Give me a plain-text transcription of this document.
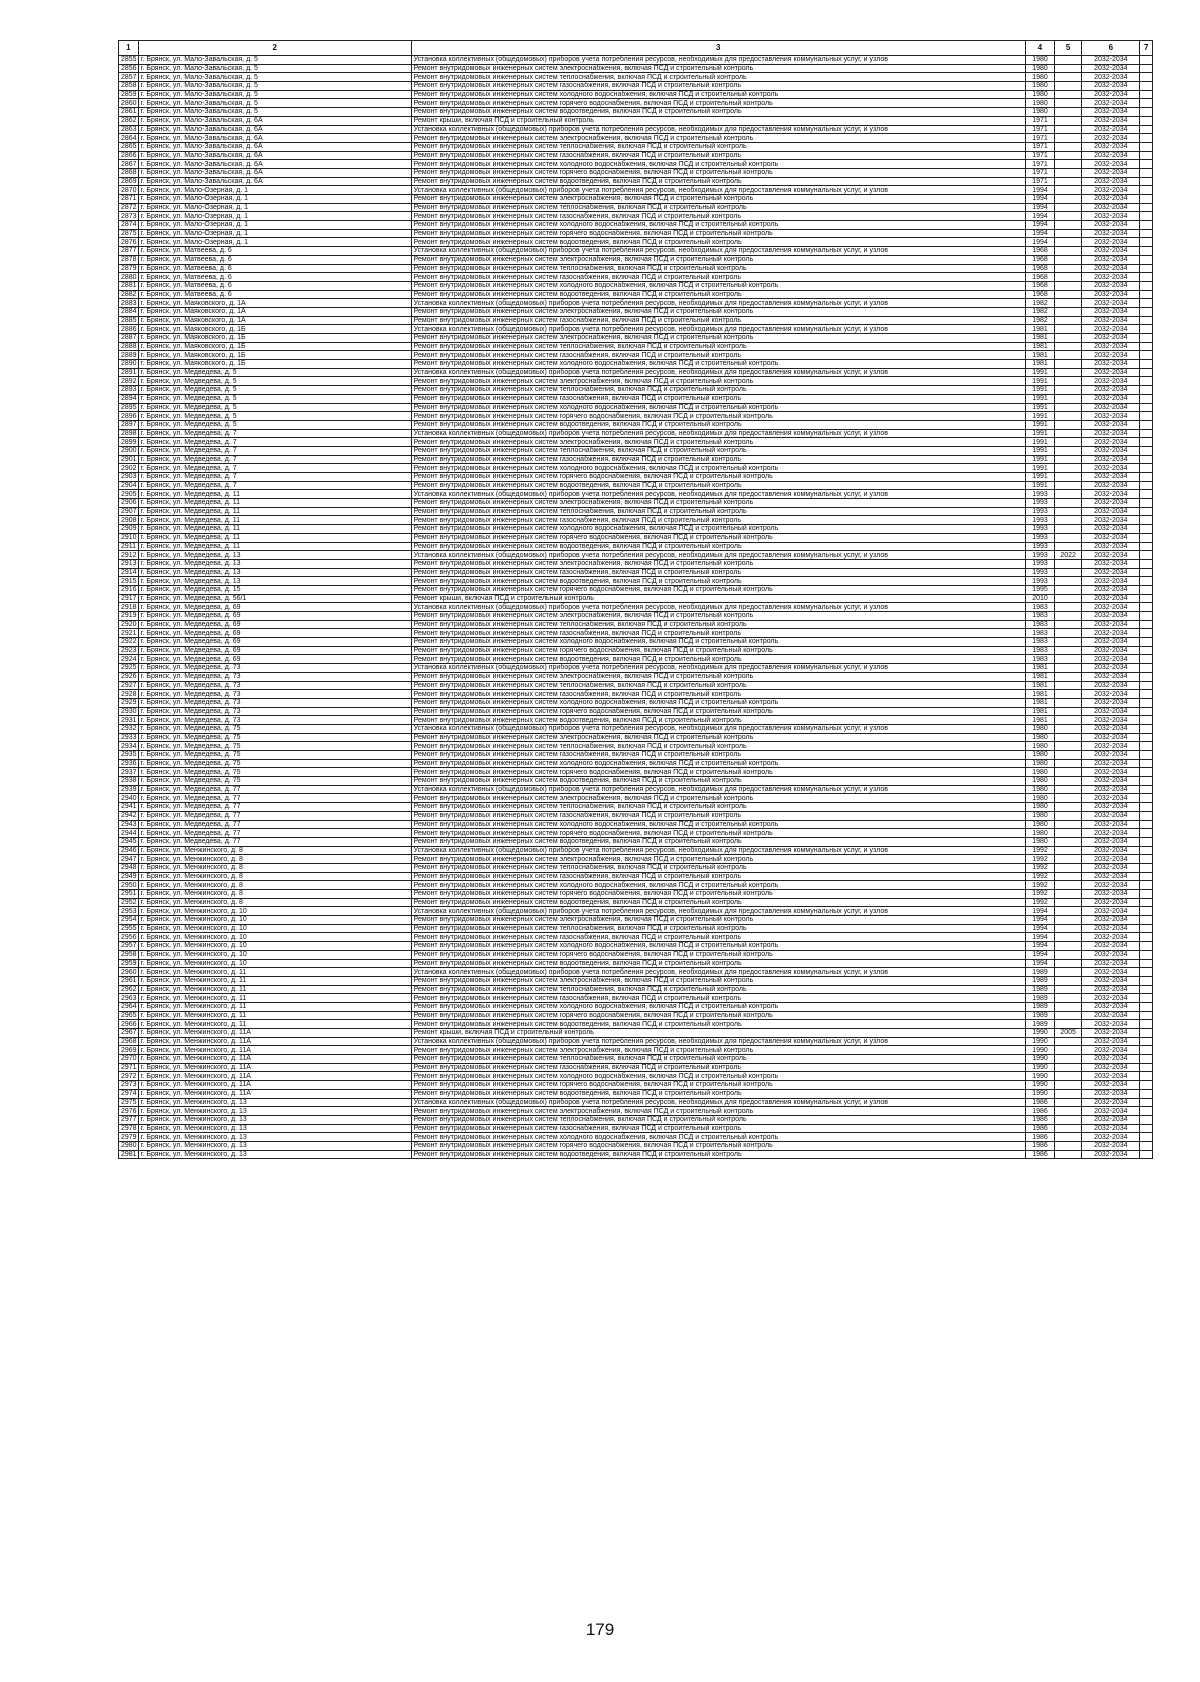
1	2	3	4	5	6	7
2855	г. Брянск, ул. Мало-Завальская, д. 5	Установка коллективных (общедомовых) приборов учета потребления ресурсов, необходимых для предоставления коммунальных услуг, и узлов	1980		2032-2034	
2856	г. Брянск, ул. Мало-Завальская, д. 5	Ремонт внутридомовых инженерных систем электроснабжения, включая ПСД и строительный контроль	1980		2032-2034	
2857	г. Брянск, ул. Мало-Завальская, д. 5	Ремонт внутридомовых инженерных систем теплоснабжения, включая ПСД и строительный контроль	1980		2032-2034	
2858	г. Брянск, ул. Мало-Завальская, д. 5	Ремонт внутридомовых инженерных систем газоснабжения, включая ПСД и строительный контроль	1980		2032-2034	
2859	г. Брянск, ул. Мало-Завальская, д. 5	Ремонт внутридомовых инженерных систем холодного водоснабжения, включая ПСД и строительный контроль	1980		2032-2034	
2860	г. Брянск, ул. Мало-Завальская, д. 5	Ремонт внутридомовых инженерных систем горячего водоснабжения, включая ПСД и строительный контроль	1980		2032-2034	
2861	г. Брянск, ул. Мало-Завальская, д. 5	Ремонт внутридомовых инженерных систем водоотведения, включая ПСД и строительный контроль	1980		2032-2034	
2862	г. Брянск, ул. Мало-Завальская, д. 6А	Ремонт крыши, включая ПСД и строительный контроль	1971		2032-2034	
2863	г. Брянск, ул. Мало-Завальская, д. 6А	Установка коллективных (общедомовых) приборов учета потребления ресурсов, необходимых для предоставления коммунальных услуг, и узлов	1971		2032-2034	
2864	г. Брянск, ул. Мало-Завальская, д. 6А	Ремонт внутридомовых инженерных систем электроснабжения, включая ПСД и строительный контроль	1971		2032-2034	
2865	г. Брянск, ул. Мало-Завальская, д. 6А	Ремонт внутридомовых инженерных систем теплоснабжения, включая ПСД и строительный контроль	1971		2032-2034	
2866	г. Брянск, ул. Мало-Завальская, д. 6А	Ремонт внутридомовых инженерных систем газоснабжения, включая ПСД и строительный контроль	1971		2032-2034	
2867	г. Брянск, ул. Мало-Завальская, д. 6А	Ремонт внутридомовых инженерных систем холодного водоснабжения, включая ПСД и строительный контроль	1971		2032-2034	
2868	г. Брянск, ул. Мало-Завальская, д. 6А	Ремонт внутридомовых инженерных систем горячего водоснабжения, включая ПСД и строительный контроль	1971		2032-2034	
2869	г. Брянск, ул. Мало-Завальская, д. 6А	Ремонт внутридомовых инженерных систем водоотведения, включая ПСД и строительный контроль	1971		2032-2034	
2870	г. Брянск, ул. Мало-Озерная, д. 1	Установка коллективных (общедомовых) приборов учета потребления ресурсов, необходимых для предоставления коммунальных услуг, и узлов	1994		2032-2034	
2871	г. Брянск, ул. Мало-Озерная, д. 1	Ремонт внутридомовых инженерных систем электроснабжения, включая ПСД и строительный контроль	1994		2032-2034	
2872	г. Брянск, ул. Мало-Озерная, д. 1	Ремонт внутридомовых инженерных систем теплоснабжения, включая ПСД и строительный контроль	1994		2032-2034	
2873	г. Брянск, ул. Мало-Озерная, д. 1	Ремонт внутридомовых инженерных систем газоснабжения, включая ПСД и строительный контроль	1994		2032-2034	
2874	г. Брянск, ул. Мало-Озерная, д. 1	Ремонт внутридомовых инженерных систем холодного водоснабжения, включая ПСД и строительный контроль	1994		2032-2034	
2875	г. Брянск, ул. Мало-Озерная, д. 1	Ремонт внутридомовых инженерных систем горячего водоснабжения, включая ПСД и строительный контроль	1994		2032-2034	
2876	г. Брянск, ул. Мало-Озерная, д. 1	Ремонт внутридомовых инженерных систем водоотведения, включая ПСД и строительный контроль	1994		2032-2034	
2877	г. Брянск, ул. Матвеева, д. 6	Установка коллективных (общедомовых) приборов учета потребления ресурсов, необходимых для предоставления коммунальных услуг, и узлов	1968		2032-2034	
2878	г. Брянск, ул. Матвеева, д. 6	Ремонт внутридомовых инженерных систем электроснабжения, включая ПСД и строительный контроль	1968		2032-2034	
2879	г. Брянск, ул. Матвеева, д. 6	Ремонт внутридомовых инженерных систем теплоснабжения, включая ПСД и строительный контроль	1968		2032-2034	
2880	г. Брянск, ул. Матвеева, д. 6	Ремонт внутридомовых инженерных систем газоснабжения, включая ПСД и строительный контроль	1968		2032-2034	
2881	г. Брянск, ул. Матвеева, д. 6	Ремонт внутридомовых инженерных систем холодного водоснабжения, включая ПСД и строительный контроль	1968		2032-2034	
2882	г. Брянск, ул. Матвеева, д. 6	Ремонт внутридомовых инженерных систем водоотведения, включая ПСД и строительный контроль	1968		2032-2034	
2883	г. Брянск, ул. Маяковского, д. 1А	Установка коллективных (общедомовых) приборов учета потребления ресурсов, необходимых для предоставления коммунальных услуг, и узлов	1982		2032-2034	
2884	г. Брянск, ул. Маяковского, д. 1А	Ремонт внутридомовых инженерных систем электроснабжения, включая ПСД и строительный контроль	1982		2032-2034	
2885	г. Брянск, ул. Маяковского, д. 1А	Ремонт внутридомовых инженерных систем газоснабжения, включая ПСД и строительный контроль	1982		2032-2034	
2886	г. Брянск, ул. Маяковского, д. 1Б	Установка коллективных (общедомовых) приборов учета потребления ресурсов, необходимых для предоставления коммунальных услуг, и узлов	1981		2032-2034	
2887	г. Брянск, ул. Маяковского, д. 1Б	Ремонт внутридомовых инженерных систем электроснабжения, включая ПСД и строительный контроль	1981		2032-2034	
2888	г. Брянск, ул. Маяковского, д. 1Б	Ремонт внутридомовых инженерных систем теплоснабжения, включая ПСД и строительный контроль	1981		2032-2034	
2889	г. Брянск, ул. Маяковского, д. 1Б	Ремонт внутридомовых инженерных систем газоснабжения, включая ПСД и строительный контроль	1981		2032-2034	
2890	г. Брянск, ул. Маяковского, д. 1Б	Ремонт внутридомовых инженерных систем холодного водоснабжения, включая ПСД и строительный контроль	1981		2032-2034	
2891	г. Брянск, ул. Медведева, д. 5	Установка коллективных (общедомовых) приборов учета потребления ресурсов, необходимых для предоставления коммунальных услуг, и узлов	1991		2032-2034	
2892	г. Брянск, ул. Медведева, д. 5	Ремонт внутридомовых инженерных систем электроснабжения, включая ПСД и строительный контроль	1991		2032-2034	
2893	г. Брянск, ул. Медведева, д. 5	Ремонт внутридомовых инженерных систем теплоснабжения, включая ПСД и строительный контроль	1991		2032-2034	
2894	г. Брянск, ул. Медведева, д. 5	Ремонт внутридомовых инженерных систем газоснабжения, включая ПСД и строительный контроль	1991		2032-2034	
2895	г. Брянск, ул. Медведева, д. 5	Ремонт внутридомовых инженерных систем холодного водоснабжения, включая ПСД и строительный контроль	1991		2032-2034	
2896	г. Брянск, ул. Медведева, д. 5	Ремонт внутридомовых инженерных систем горячего водоснабжения, включая ПСД и строительный контроль	1991		2032-2034	
2897	г. Брянск, ул. Медведева, д. 5	Ремонт внутридомовых инженерных систем водоотведения, включая ПСД и строительный контроль	1991		2032-2034	
2898	г. Брянск, ул. Медведева, д. 7	Установка коллективных (общедомовых) приборов учета потребления ресурсов, необходимых для предоставления коммунальных услуг, и узлов	1991		2032-2034	
2899	г. Брянск, ул. Медведева, д. 7	Ремонт внутридомовых инженерных систем электроснабжения, включая ПСД и строительный контроль	1991		2032-2034	
2900	г. Брянск, ул. Медведева, д. 7	Ремонт внутридомовых инженерных систем теплоснабжения, включая ПСД и строительный контроль	1991		2032-2034	
2901	г. Брянск, ул. Медведева, д. 7	Ремонт внутридомовых инженерных систем газоснабжения, включая ПСД и строительный контроль	1991		2032-2034	
2902	г. Брянск, ул. Медведева, д. 7	Ремонт внутридомовых инженерных систем холодного водоснабжения, включая ПСД и строительный контроль	1991		2032-2034	
2903	г. Брянск, ул. Медведева, д. 7	Ремонт внутридомовых инженерных систем горячего водоснабжения, включая ПСД и строительный контроль	1991		2032-2034	
2904	г. Брянск, ул. Медведева, д. 7	Ремонт внутридомовых инженерных систем водоотведения, включая ПСД и строительный контроль	1991		2032-2034	
2905	г. Брянск, ул. Медведева, д. 11	Установка коллективных (общедомовых) приборов учета потребления ресурсов, необходимых для предоставления коммунальных услуг, и узлов	1993		2032-2034	
2906	г. Брянск, ул. Медведева, д. 11	Ремонт внутридомовых инженерных систем электроснабжения, включая ПСД и строительный контроль	1993		2032-2034	
2907	г. Брянск, ул. Медведева, д. 11	Ремонт внутридомовых инженерных систем теплоснабжения, включая ПСД и строительный контроль	1993		2032-2034	
2908	г. Брянск, ул. Медведева, д. 11	Ремонт внутридомовых инженерных систем газоснабжения, включая ПСД и строительный контроль	1993		2032-2034	
2909	г. Брянск, ул. Медведева, д. 11	Ремонт внутридомовых инженерных систем холодного водоснабжения, включая ПСД и строительный контроль	1993		2032-2034	
2910	г. Брянск, ул. Медведева, д. 11	Ремонт внутридомовых инженерных систем горячего водоснабжения, включая ПСД и строительный контроль	1993		2032-2034	
2911	г. Брянск, ул. Медведева, д. 11	Ремонт внутридомовых инженерных систем водоотведения, включая ПСД и строительный контроль	1993		2032-2034	
2912	г. Брянск, ул. Медведева, д. 13	Установка коллективных (общедомовых) приборов учета потребления ресурсов, необходимых для предоставления коммунальных услуг, и узлов	1993	2022	2032-2034	
2913	г. Брянск, ул. Медведева, д. 13	Ремонт внутридомовых инженерных систем электроснабжения, включая ПСД и строительный контроль	1993		2032-2034	
2914	г. Брянск, ул. Медведева, д. 13	Ремонт внутридомовых инженерных систем газоснабжения, включая ПСД и строительный контроль	1993		2032-2034	
2915	г. Брянск, ул. Медведева, д. 13	Ремонт внутридомовых инженерных систем водоотведения, включая ПСД и строительный контроль	1993		2032-2034	
2916	г. Брянск, ул. Медведева, д. 15	Ремонт внутридомовых инженерных систем горячего водоснабжения, включая ПСД и строительный контроль	1995		2032-2034	
2917	г. Брянск, ул. Медведева, д. 56/1	Ремонт крыши, включая ПСД и строительный контроль	2010		2032-2034	
2918	г. Брянск, ул. Медведева, д. 69	Установка коллективных (общедомовых) приборов учета потребления ресурсов, необходимых для предоставления коммунальных услуг, и узлов	1983		2032-2034	
2919	г. Брянск, ул. Медведева, д. 69	Ремонт внутридомовых инженерных систем электроснабжения, включая ПСД и строительный контроль	1983		2032-2034	
2920	г. Брянск, ул. Медведева, д. 69	Ремонт внутридомовых инженерных систем теплоснабжения, включая ПСД и строительный контроль	1983		2032-2034	
2921	г. Брянск, ул. Медведева, д. 69	Ремонт внутридомовых инженерных систем газоснабжения, включая ПСД и строительный контроль	1983		2032-2034	
2922	г. Брянск, ул. Медведева, д. 69	Ремонт внутридомовых инженерных систем холодного водоснабжения, включая ПСД и строительный контроль	1983		2032-2034	
2923	г. Брянск, ул. Медведева, д. 69	Ремонт внутридомовых инженерных систем горячего водоснабжения, включая ПСД и строительный контроль	1983		2032-2034	
2924	г. Брянск, ул. Медведева, д. 69	Ремонт внутридомовых инженерных систем водоотведения, включая ПСД и строительный контроль	1983		2032-2034	
2925	г. Брянск, ул. Медведева, д. 73	Установка коллективных (общедомовых) приборов учета потребления ресурсов, необходимых для предоставления коммунальных услуг, и узлов	1981		2032-2034	
2926	г. Брянск, ул. Медведева, д. 73	Ремонт внутридомовых инженерных систем электроснабжения, включая ПСД и строительный контроль	1981		2032-2034	
2927	г. Брянск, ул. Медведева, д. 73	Ремонт внутридомовых инженерных систем теплоснабжения, включая ПСД и строительный контроль	1981		2032-2034	
2928	г. Брянск, ул. Медведева, д. 73	Ремонт внутридомовых инженерных систем газоснабжения, включая ПСД и строительный контроль	1981		2032-2034	
2929	г. Брянск, ул. Медведева, д. 73	Ремонт внутридомовых инженерных систем холодного водоснабжения, включая ПСД и строительный контроль	1981		2032-2034	
2930	г. Брянск, ул. Медведева, д. 73	Ремонт внутридомовых инженерных систем горячего водоснабжения, включая ПСД и строительный контроль	1981		2032-2034	
2931	г. Брянск, ул. Медведева, д. 73	Ремонт внутридомовых инженерных систем водоотведения, включая ПСД и строительный контроль	1981		2032-2034	
2932	г. Брянск, ул. Медведева, д. 75	Установка коллективных (общедомовых) приборов учета потребления ресурсов, необходимых для предоставления коммунальных услуг, и узлов	1980		2032-2034	
2933	г. Брянск, ул. Медведева, д. 75	Ремонт внутридомовых инженерных систем электроснабжения, включая ПСД и строительный контроль	1980		2032-2034	
2934	г. Брянск, ул. Медведева, д. 75	Ремонт внутридомовых инженерных систем теплоснабжения, включая ПСД и строительный контроль	1980		2032-2034	
2935	г. Брянск, ул. Медведева, д. 75	Ремонт внутридомовых инженерных систем газоснабжения, включая ПСД и строительный контроль	1980		2032-2034	
2936	г. Брянск, ул. Медведева, д. 75	Ремонт внутридомовых инженерных систем холодного водоснабжения, включая ПСД и строительный контроль	1980		2032-2034	
2937	г. Брянск, ул. Медведева, д. 75	Ремонт внутридомовых инженерных систем горячего водоснабжения, включая ПСД и строительный контроль	1980		2032-2034	
2938	г. Брянск, ул. Медведева, д. 75	Ремонт внутридомовых инженерных систем водоотведения, включая ПСД и строительный контроль	1980		2032-2034	
2939	г. Брянск, ул. Медведева, д. 77	Установка коллективных (общедомовых) приборов учета потребления ресурсов, необходимых для предоставления коммунальных услуг, и узлов	1980		2032-2034	
2940	г. Брянск, ул. Медведева, д. 77	Ремонт внутридомовых инженерных систем электроснабжения, включая ПСД и строительный контроль	1980		2032-2034	
2941	г. Брянск, ул. Медведева, д. 77	Ремонт внутридомовых инженерных систем теплоснабжения, включая ПСД и строительный контроль	1980		2032-2034	
2942	г. Брянск, ул. Медведева, д. 77	Ремонт внутридомовых инженерных систем газоснабжения, включая ПСД и строительный контроль	1980		2032-2034	
2943	г. Брянск, ул. Медведева, д. 77	Ремонт внутридомовых инженерных систем холодного водоснабжения, включая ПСД и строительный контроль	1980		2032-2034	
2944	г. Брянск, ул. Медведева, д. 77	Ремонт внутридомовых инженерных систем горячего водоснабжения, включая ПСД и строительный контроль	1980		2032-2034	
2945	г. Брянск, ул. Медведева, д. 77	Ремонт внутридомовых инженерных систем водоотведения, включая ПСД и строительный контроль	1980		2032-2034	
2946	г. Брянск, ул. Менжинского, д. 8	Установка коллективных (общедомовых) приборов учета потребления ресурсов, необходимых для предоставления коммунальных услуг, и узлов	1992		2032-2034	
2947	г. Брянск, ул. Менжинского, д. 8	Ремонт внутридомовых инженерных систем электроснабжения, включая ПСД и строительный контроль	1992		2032-2034	
2948	г. Брянск, ул. Менжинского, д. 8	Ремонт внутридомовых инженерных систем теплоснабжения, включая ПСД и строительный контроль	1992		2032-2034	
2949	г. Брянск, ул. Менжинского, д. 8	Ремонт внутридомовых инженерных систем газоснабжения, включая ПСД и строительный контроль	1992		2032-2034	
2950	г. Брянск, ул. Менжинского, д. 8	Ремонт внутридомовых инженерных систем холодного водоснабжения, включая ПСД и строительный контроль	1992		2032-2034	
2951	г. Брянск, ул. Менжинского, д. 8	Ремонт внутридомовых инженерных систем горячего водоснабжения, включая ПСД и строительный контроль	1992		2032-2034	
2952	г. Брянск, ул. Менжинского, д. 8	Ремонт внутридомовых инженерных систем водоотведения, включая ПСД и строительный контроль	1992		2032-2034	
2953	г. Брянск, ул. Менжинского, д. 10	Установка коллективных (общедомовых) приборов учета потребления ресурсов, необходимых для предоставления коммунальных услуг, и узлов	1994		2032-2034	
2954	г. Брянск, ул. Менжинского, д. 10	Ремонт внутридомовых инженерных систем электроснабжения, включая ПСД и строительный контроль	1994		2032-2034	
2955	г. Брянск, ул. Менжинского, д. 10	Ремонт внутридомовых инженерных систем теплоснабжения, включая ПСД и строительный контроль	1994		2032-2034	
2956	г. Брянск, ул. Менжинского, д. 10	Ремонт внутридомовых инженерных систем газоснабжения, включая ПСД и строительный контроль	1994		2032-2034	
2957	г. Брянск, ул. Менжинского, д. 10	Ремонт внутридомовых инженерных систем холодного водоснабжения, включая ПСД и строительный контроль	1994		2032-2034	
2958	г. Брянск, ул. Менжинского, д. 10	Ремонт внутридомовых инженерных систем горячего водоснабжения, включая ПСД и строительный контроль	1994		2032-2034	
2959	г. Брянск, ул. Менжинского, д. 10	Ремонт внутридомовых инженерных систем водоотведения, включая ПСД и строительный контроль	1994		2032-2034	
2960	г. Брянск, ул. Менжинского, д. 11	Установка коллективных (общедомовых) приборов учета потребления ресурсов, необходимых для предоставления коммунальных услуг, и узлов	1989		2032-2034	
2961	г. Брянск, ул. Менжинского, д. 11	Ремонт внутридомовых инженерных систем электроснабжения, включая ПСД и строительный контроль	1989		2032-2034	
2962	г. Брянск, ул. Менжинского, д. 11	Ремонт внутридомовых инженерных систем теплоснабжения, включая ПСД и строительный контроль	1989		2032-2034	
2963	г. Брянск, ул. Менжинского, д. 11	Ремонт внутридомовых инженерных систем газоснабжения, включая ПСД и строительный контроль	1989		2032-2034	
2964	г. Брянск, ул. Менжинского, д. 11	Ремонт внутридомовых инженерных систем холодного водоснабжения, включая ПСД и строительный контроль	1989		2032-2034	
2965	г. Брянск, ул. Менжинского, д. 11	Ремонт внутридомовых инженерных систем горячего водоснабжения, включая ПСД и строительный контроль	1989		2032-2034	
2966	г. Брянск, ул. Менжинского, д. 11	Ремонт внутридомовых инженерных систем водоотведения, включая ПСД и строительный контроль	1989		2032-2034	
2967	г. Брянск, ул. Менжинского, д. 11А	Ремонт крыши, включая ПСД и строительный контроль	1990	2005	2032-2034	
2968	г. Брянск, ул. Менжинского, д. 11А	Установка коллективных (общедомовых) приборов учета потребления ресурсов, необходимых для предоставления коммунальных услуг, и узлов	1990		2032-2034	
2969	г. Брянск, ул. Менжинского, д. 11А	Ремонт внутридомовых инженерных систем электроснабжения, включая ПСД и строительный контроль	1990		2032-2034	
2970	г. Брянск, ул. Менжинского, д. 11А	Ремонт внутридомовых инженерных систем теплоснабжения, включая ПСД и строительный контроль	1990		2032-2034	
2971	г. Брянск, ул. Менжинского, д. 11А	Ремонт внутридомовых инженерных систем газоснабжения, включая ПСД и строительный контроль	1990		2032-2034	
2972	г. Брянск, ул. Менжинского, д. 11А	Ремонт внутридомовых инженерных систем холодного водоснабжения, включая ПСД и строительный контроль	1990		2032-2034	
2973	г. Брянск, ул. Менжинского, д. 11А	Ремонт внутридомовых инженерных систем горячего водоснабжения, включая ПСД и строительный контроль	1990		2032-2034	
2974	г. Брянск, ул. Менжинского, д. 11А	Ремонт внутридомовых инженерных систем водоотведения, включая ПСД и строительный контроль	1990		2032-2034	
2975	г. Брянск, ул. Менжинского, д. 13	Установка коллективных (общедомовых) приборов учета потребления ресурсов, необходимых для предоставления коммунальных услуг, и узлов	1986		2032-2034	
2976	г. Брянск, ул. Менжинского, д. 13	Ремонт внутридомовых инженерных систем электроснабжения, включая ПСД и строительный контроль	1986		2032-2034	
2977	г. Брянск, ул. Менжинского, д. 13	Ремонт внутридомовых инженерных систем теплоснабжения, включая ПСД и строительный контроль	1986		2032-2034	
2978	г. Брянск, ул. Менжинского, д. 13	Ремонт внутридомовых инженерных систем газоснабжения, включая ПСД и строительный контроль	1986		2032-2034	
2979	г. Брянск, ул. Менжинского, д. 13	Ремонт внутридомовых инженерных систем холодного водоснабжения, включая ПСД и строительный контроль	1986		2032-2034	
2980	г. Брянск, ул. Менжинского, д. 13	Ремонт внутридомовых инженерных систем горячего водоснабжения, включая ПСД и строительный контроль	1986		2032-2034	
2981	г. Брянск, ул. Менжинского, д. 13	Ремонт внутридомовых инженерных систем водоотведения, включая ПСД и строительный контроль	1986		2032-2034	
179
